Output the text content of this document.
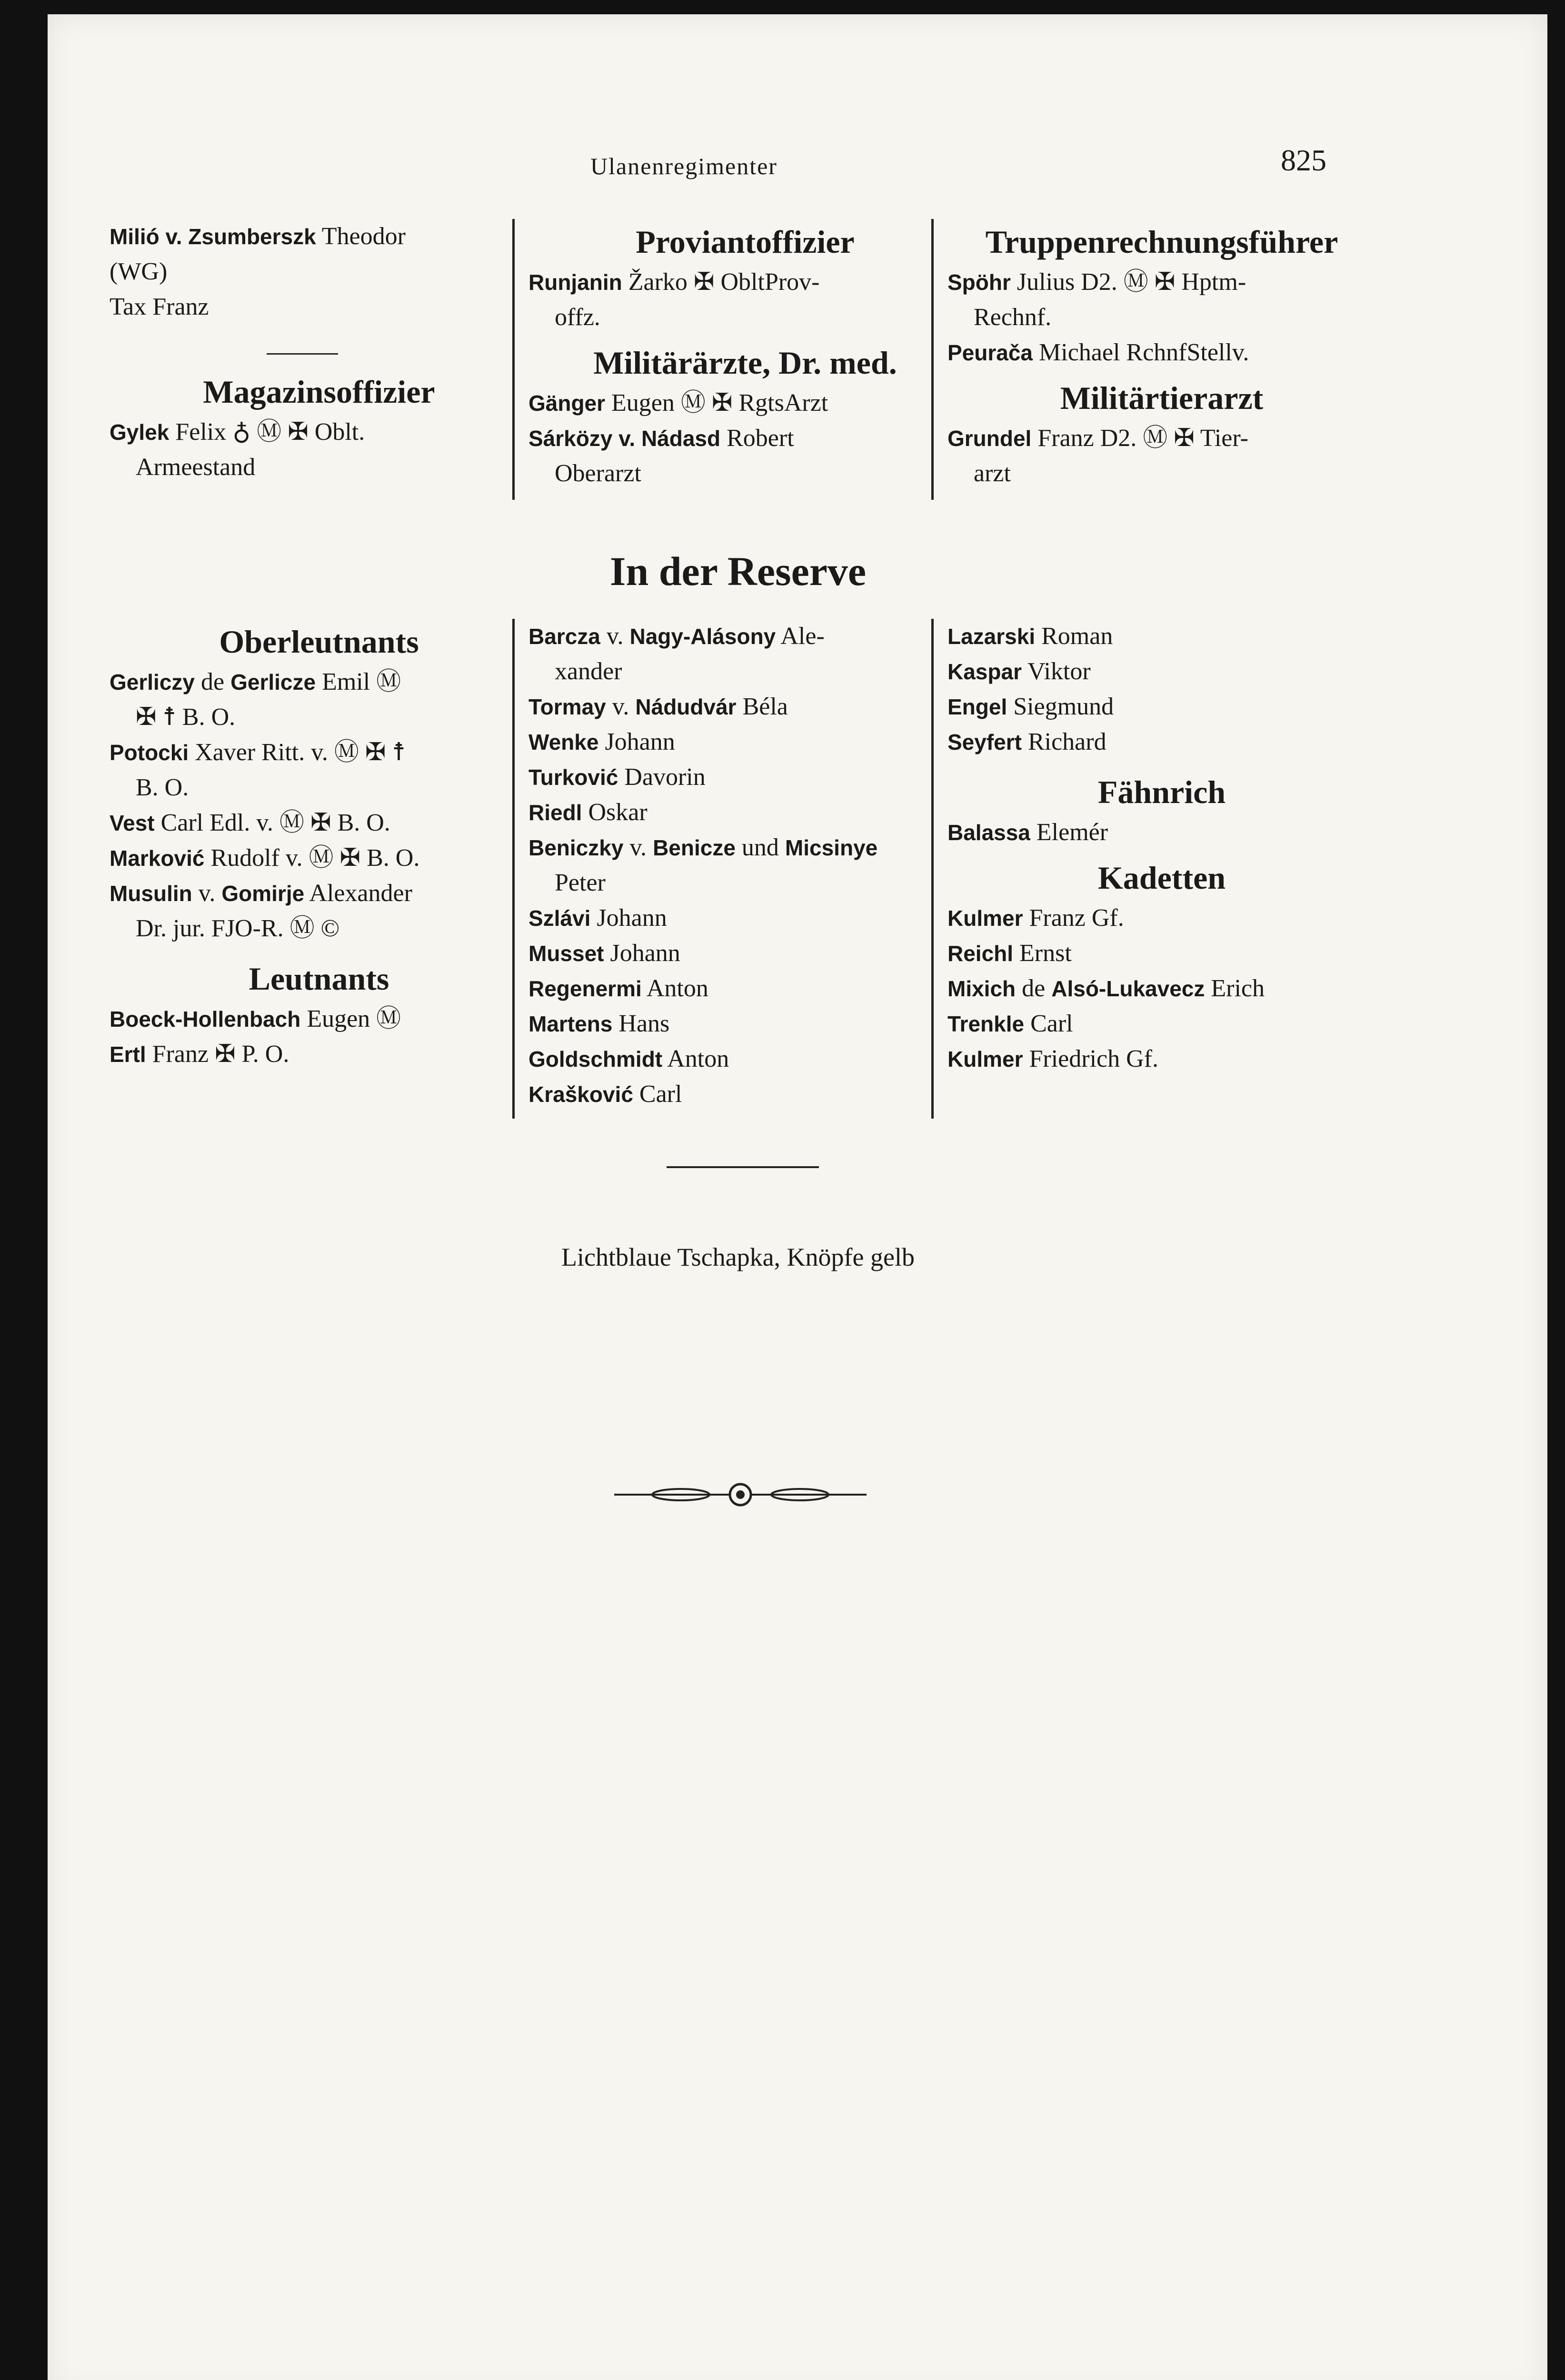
Ulanenregimenter	825

Milió v. Zsumberszk Theodor

(WG)

Tax Franz

Magazinsoffizier

Gylek Felix ♁ Ⓜ ✠ Oblt.

Armeestand

Proviantoffizier

Runjanin Žarko ✠ ObltProv-

offz.

Militärärzte, Dr. med.

Gänger Eugen Ⓜ ✠ RgtsArzt

Sárközy v. Nádasd Robert

Oberarzt

Truppenrechnungsführer

Spöhr Julius D2. Ⓜ ✠ Hptm-

Rechnf.

Peurača Michael RchnfStellv.

Militärtierarzt

Grundel Franz D2. Ⓜ ✠ Tier-

arzt

In der Reserve

Oberleutnants

Gerliczy de Gerlicze Emil Ⓜ

✠ ☨ B. O.

Potocki Xaver Ritt. v. Ⓜ ✠ ☨

B. O.

Vest Carl Edl. v. Ⓜ ✠ B. O.

Marković Rudolf v. Ⓜ ✠ B. O.

Musulin v. Gomirje Alexander

Dr. jur. FJO-R. Ⓜ ©

Leutnants

Boeck-Hollenbach Eugen Ⓜ

Ertl Franz ✠ P. O.

Barcza v. Nagy-Alásony Ale-

xander

Tormay v. Nádudvár Béla

Wenke Johann

Turković Davorin

Riedl Oskar

Beniczky v. Benicze und Micsinye

Peter

Szlávi Johann

Musset Johann

Regenermi Anton

Martens Hans

Goldschmidt Anton

Krašković Carl

Lazarski Roman

Kaspar Viktor

Engel Siegmund

Seyfert Richard

Fähnrich

Balassa Elemér

Kadetten

Kulmer Franz Gf.

Reichl Ernst

Mixich de Alsó-Lukavecz Erich

Trenkle Carl

Kulmer Friedrich Gf.

Lichtblaue Tschapka, Knöpfe gelb
